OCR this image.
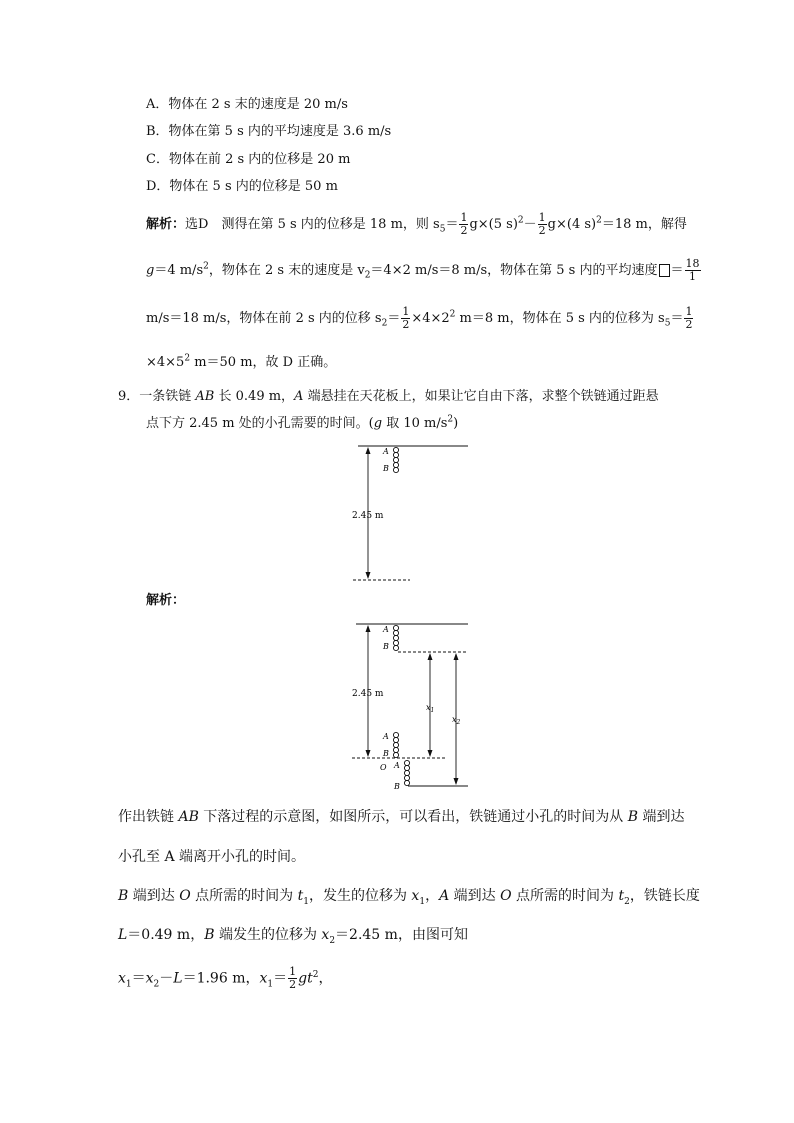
A．物体在 2 s 末的速度是 20 m/s
B．物体在第 5 s 内的平均速度是 3.6 m/s
C．物体在前 2 s 内的位移是 20 m
D．物体在 5 s 内的位移是 50 m
解析：选D　测得在第 5 s 内的位移是 18 m，则 $s_5= \frac{1}{2} g\times(5$ $s)^2- \frac{1}{2} g\times(4$ s)$^2$＝18 m，解得
g＝4 $m/s^2$，物体在 2 s 末的速度是 $v_2=4\times 2$ m/s＝8 m/s，物体在第 5 s 内的平均速度 ＝ $\frac{18}{1}$
m/s＝18 m/s，物体在前 2 s 内的位移 $s_2= \frac{1}{2} \times 4\times 2^2$ m＝8 m，物体在 5 s 内的位移为 $s_5= \frac{1}{2}$
$\times 4\times 5^2$ m＝50 m，故 D 正确。
9．一条铁链 AB 长 0.49 m，A 端悬挂在天花板上，如果让它自由下落，求整个铁链通过距悬
点下方 2.45 m 处的小孔需要的时间。(g 取 10 $m/s^2$)
A
B
2.45 m
解析：
A
B
2.45 m
$x_1$
$x_2$
A
B
O A
B
作出铁链 AB 下落过程的示意图，如图所示，可以看出，铁链通过小孔的时间为从 B 端到达
小孔至 A 端离开小孔的时间。
B 端到达 O 点所需的时间为 $t_1$，发生的位移为 $x_1$，A 端到达 O 点所需的时间为 $t_2$，铁链长度
L＝0.49 m，B 端发生的位移为 $x_2=2.45$ m，由图可知
$x_1=x_2-L=1.96$ m，$x_1= \frac{1}{2} gt^2$，
